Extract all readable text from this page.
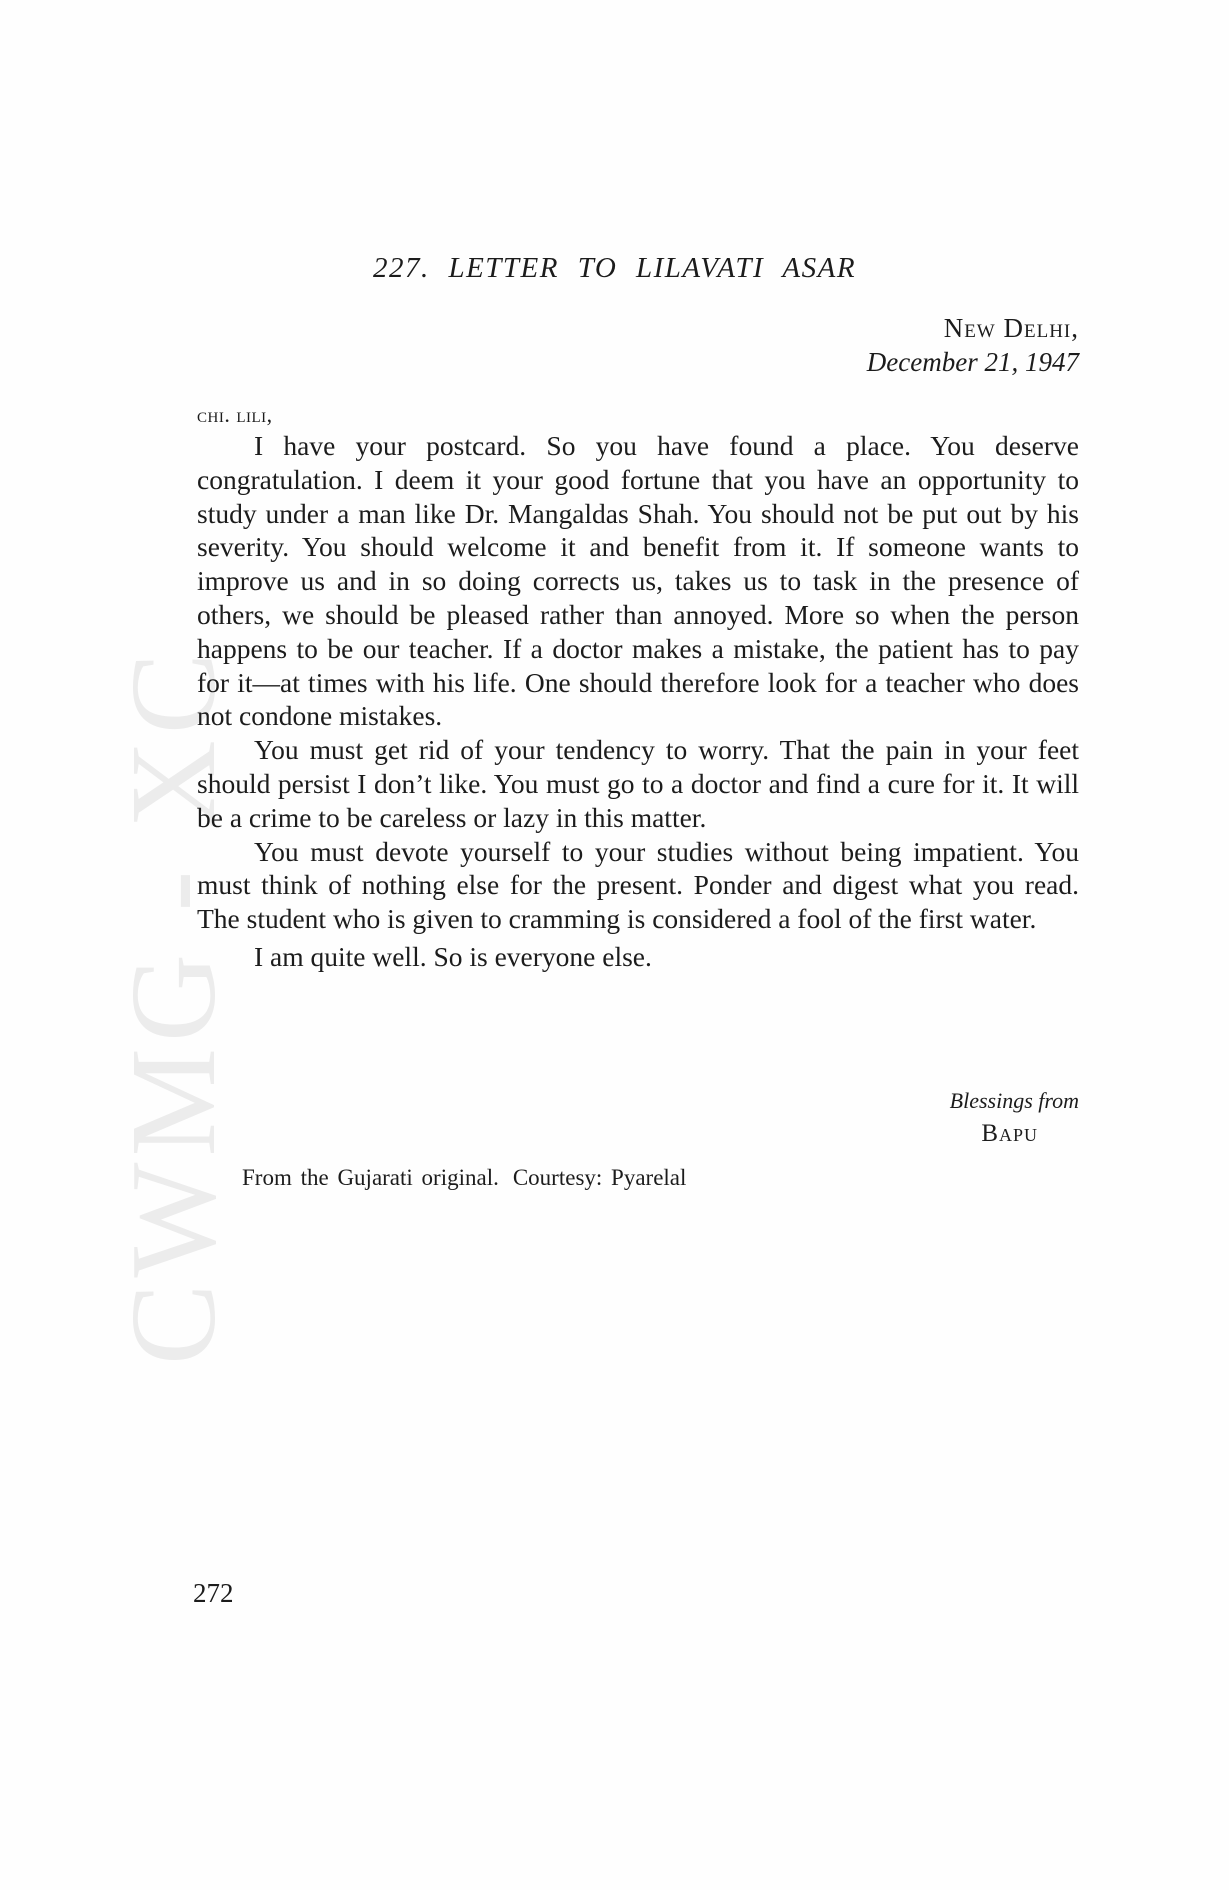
CWMG - XC
227. LETTER TO LILAVATI ASAR
New Delhi,
December 21, 1947
chi. lili,

I have your postcard. So you have found a place. You deserve congratulation. I deem it your good fortune that you have an opportunity to study under a man like Dr. Mangaldas Shah. You should not be put out by his severity. You should welcome it and benefit from it. If someone wants to improve us and in so doing corrects us, takes us to task in the presence of others, we should be pleased rather than annoyed. More so when the person happens to be our teacher. If a doctor makes a mistake, the patient has to pay for it—at times with his life. One should therefore look for a teacher who does not condone mistakes.

You must get rid of your tendency to worry. That the pain in your feet should persist I don’t like. You must go to a doctor and find a cure for it. It will be a crime to be careless or lazy in this matter.

You must devote yourself to your studies without being impatient. You must think of nothing else for the present. Ponder and digest what you read. The student who is given to cramming is considered a fool of the first water.

I am quite well. So is everyone else.

Blessings from
Bapu
From the Gujarati original. Courtesy: Pyarelal
272
